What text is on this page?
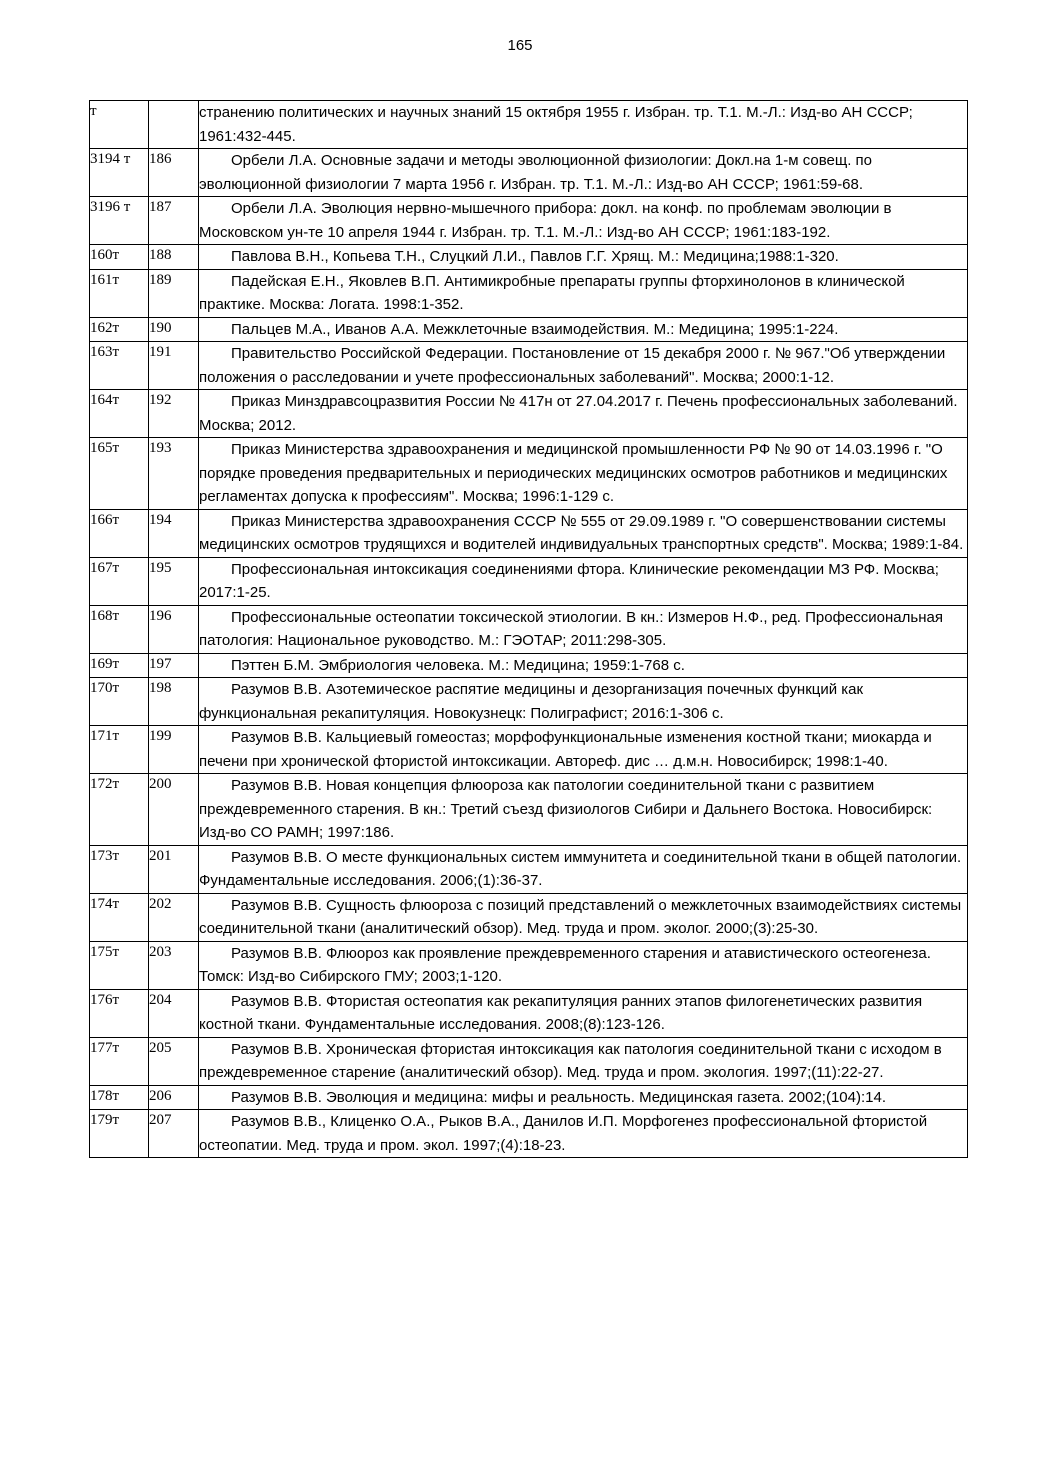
165
т		странению политических и научных знаний 15 октября 1955 г. Избран. тр. Т.1. М.-Л.: Изд-во АН СССР; 1961:432-445.
3194 т	186	Орбели Л.А. Основные задачи и методы эволюционной физиологии: Докл.на 1-м совещ. по эволюционной физиологии 7 марта 1956 г. Избран. тр. Т.1. М.-Л.: Изд-во АН СССР; 1961:59-68.

3196 т	187	Орбели Л.А. Эволюция нервно-мышечного прибора: докл. на конф. по проблемам эволюции в Московском ун-те 10 апреля 1944 г. Избран. тр. Т.1. М.-Л.: Изд-во АН СССР; 1961:183-192.

160т	188	Павлова В.Н., Копьева Т.Н., Слуцкий Л.И., Павлов Г.Г. Хрящ. М.: Медицина;1988:1-320.

161т	189	Падейская Е.Н., Яковлев В.П. Антимикробные препараты группы фторхинолонов в клинической практике. Москва: Логата. 1998:1-352.

162т	190	Пальцев М.А., Иванов А.А. Межклеточные взаимодействия. М.: Медицина; 1995:1-224.

163т	191	Правительство Российской Федерации. Постановление от 15 декабря 2000 г. № 967."Об утверждении положения о расследовании и учете профессиональных заболеваний". Москва; 2000:1-12.

164т	192	Приказ Минздравсоцразвития России № 417н от 27.04.2017 г. Печень профессиональных заболеваний. Москва; 2012.

165т	193	Приказ Министерства здравоохранения и медицинской промышленности РФ № 90 от 14.03.1996 г. "О порядке проведения предварительных и периодических медицинских осмотров работников и медицинских регламентах допуска к профессиям". Москва; 1996:1-129 с.

166т	194	Приказ Министерства здравоохранения СССР № 555 от 29.09.1989 г. "О совершенствовании системы медицинских осмотров трудящихся и водителей индивидуальных транспортных средств". Москва; 1989:1-84.

167т	195	Профессиональная интоксикация соединениями фтора. Клинические рекомендации МЗ РФ. Москва; 2017:1-25.

168т	196	Профессиональные остеопатии токсической этиологии. В кн.: Измеров Н.Ф., ред. Профессиональная патология: Национальное руководство. М.: ГЭОТАР; 2011:298-305.

169т	197	Пэттен Б.М. Эмбриология человека. М.: Медицина; 1959:1-768 с.

170т	198	Разумов В.В. Азотемическое распятие медицины и дезорганизация почечных функций как функциональная рекапитуляция. Новокузнецк: Полиграфист; 2016:1-306 с.

171т	199	Разумов В.В. Кальциевый гомеостаз; морфофункциональные изменения костной ткани; миокарда и печени при хронической фтористой интоксикации. Автореф. дис … д.м.н. Новосибирск; 1998:1-40.

172т	200	Разумов В.В. Новая концепция флюороза как патологии соединительной ткани с развитием преждевременного старения. В кн.: Третий съезд физиологов Сибири и Дальнего Востока. Новосибирск: Изд-во СО РАМН; 1997:186.

173т	201	Разумов В.В. О месте функциональных систем иммунитета и соединительной ткани в общей патологии. Фундаментальные исследования. 2006;(1):36-37.

174т	202	Разумов В.В. Сущность флюороза с позиций представлений о межклеточных взаимодействиях системы соединительной ткани (аналитический обзор). Мед. труда и пром. эколог. 2000;(3):25-30.

175т	203	Разумов В.В. Флюороз как проявление преждевременного старения и атавистического остеогенеза. Томск: Изд-во Сибирского ГМУ; 2003;1-120.

176т	204	Разумов В.В. Фтористая остеопатия как рекапитуляция ранних этапов филогенетических развития костной ткани. Фундаментальные исследования. 2008;(8):123-126.

177т	205	Разумов В.В. Хроническая фтористая интоксикация как патология соединительной ткани с исходом в преждевременное старение (аналитический обзор). Мед. труда и пром. экология. 1997;(11):22-27.

178т	206	Разумов В.В. Эволюция и медицина: мифы и реальность. Медицинская газета. 2002;(104):14.

179т	207	Разумов В.В., Клиценко О.А., Рыков В.А., Данилов И.П. Морфогенез профессиональной фтористой остеопатии. Мед. труда и пром. экол. 1997;(4):18-23.
